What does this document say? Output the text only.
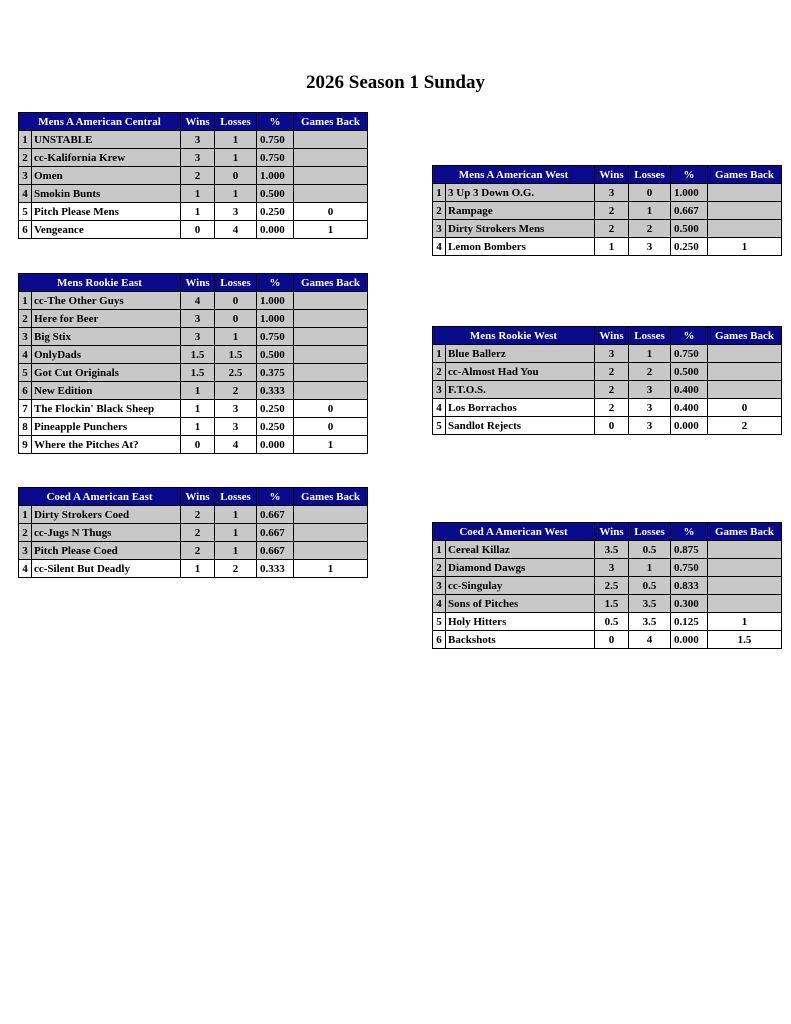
2026 Season 1 Sunday
Mens A American Central		Wins	Losses	%	Games Back
1	UNSTABLE	3	1	0.750	
2	cc-Kalifornia Krew	3	1	0.750	
3	Omen	2	0	1.000	
4	Smokin Bunts	1	1	0.500	
5	Pitch Please Mens	1	3	0.250	0
6	Vengeance	0	4	0.000	1
Mens A American West		Wins	Losses	%	Games Back
1	3 Up 3 Down O.G.	3	0	1.000	
2	Rampage	2	1	0.667	
3	Dirty Strokers Mens	2	2	0.500	
4	Lemon Bombers	1	3	0.250	1
Mens Rookie East		Wins	Losses	%	Games Back
1	cc-The Other Guys	4	0	1.000	
2	Here for Beer	3	0	1.000	
3	Big Stix	3	1	0.750	
4	OnlyDads	1.5	1.5	0.500	
5	Got Cut Originals	1.5	2.5	0.375	
6	New Edition	1	2	0.333	
7	The Flockin' Black Sheep	1	3	0.250	0
8	Pineapple Punchers	1	3	0.250	0
9	Where the Pitches At?	0	4	0.000	1
Mens Rookie West		Wins	Losses	%	Games Back
1	Blue Ballerz	3	1	0.750	
2	cc-Almost Had You	2	2	0.500	
3	F.T.O.S.	2	3	0.400	
4	Los Borrachos	2	3	0.400	0
5	Sandlot Rejects	0	3	0.000	2
Coed A American East		Wins	Losses	%	Games Back
1	Dirty Strokers Coed	2	1	0.667	
2	cc-Jugs N Thugs	2	1	0.667	
3	Pitch Please Coed	2	1	0.667	
4	cc-Silent But Deadly	1	2	0.333	1
Coed A American West		Wins	Losses	%	Games Back
1	Cereal Killaz	3.5	0.5	0.875	
2	Diamond Dawgs	3	1	0.750	
3	cc-Singulay	2.5	0.5	0.833	
4	Sons of Pitches	1.5	3.5	0.300	
5	Holy Hitters	0.5	3.5	0.125	1
6	Backshots	0	4	0.000	1.5
